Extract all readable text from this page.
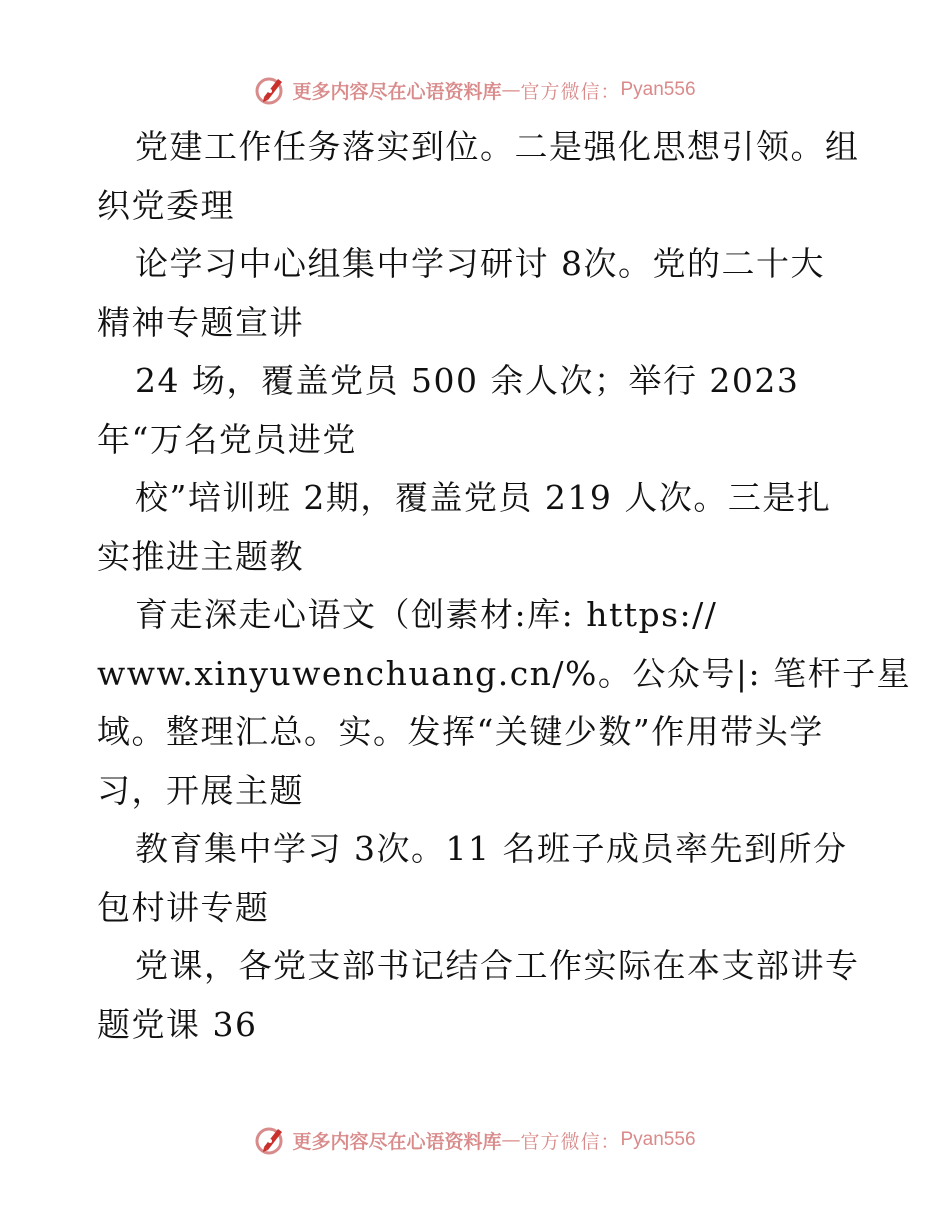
更多内容尽在心语资料库 — 官方微信： Pyan556
党建工作任务落实到位。二是强化思想引领。组
织党委理
论学习中心组集中学习研讨 8次。党的二十大
精神专题宣讲
24 场，覆盖党员 500 余人次；举行 2023
年“万名党员进党
校”培训班 2期，覆盖党员 219 人次。三是扎
实推进主题教
育走深走心语文（创素材:库: https://
www.xinyuwenchuang.cn/%。公众号|: 笔杆子星
域。整理汇总。实。发挥“关键少数”作用带头学
习，开展主题
教育集中学习 3次。11 名班子成员率先到所分
包村讲专题
党课，各党支部书记结合工作实际在本支部讲专
题党课 36
更多内容尽在心语资料库 — 官方微信： Pyan556
